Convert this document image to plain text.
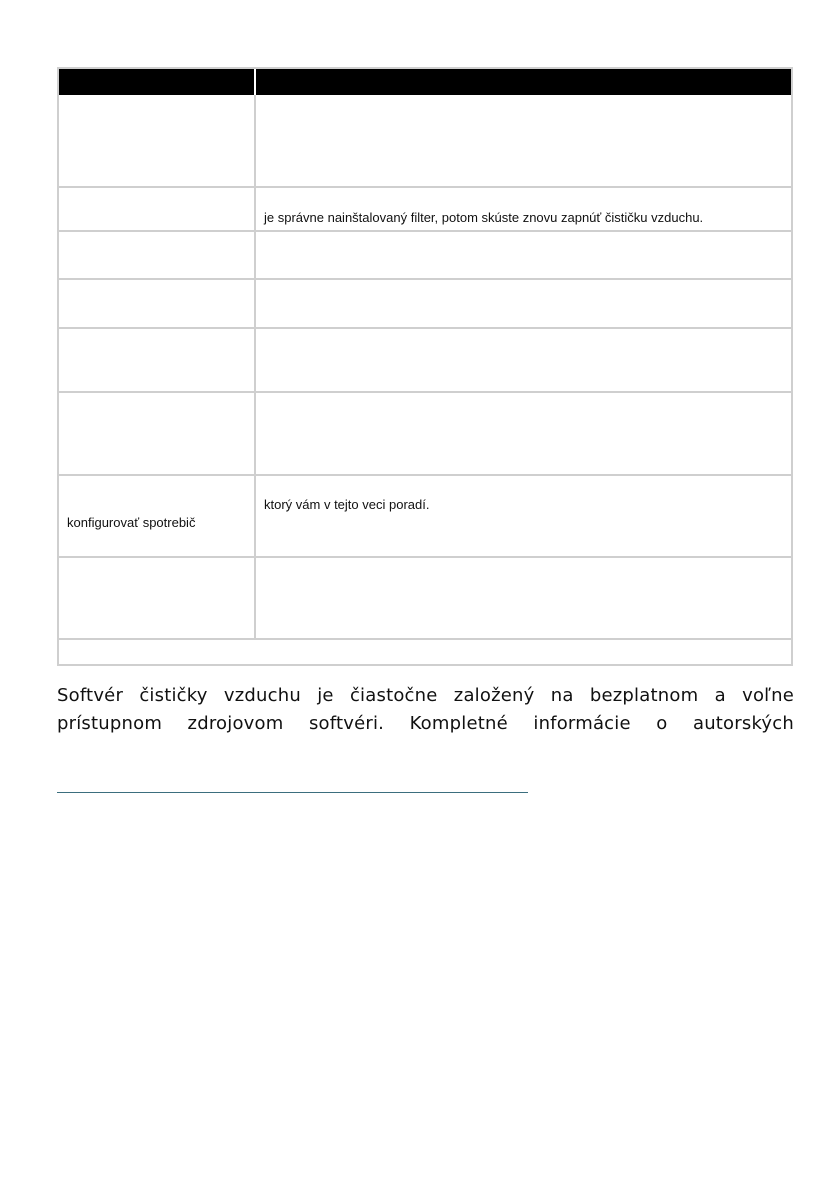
je správne nainštalovaný filter, potom skúste znovu zapnúť čističku vzduchu.
ktorý vám v tejto veci poradí.
konfigurovať spotrebič
Softvér čističky vzduchu je čiastočne založený na bezplatnom a voľne
prístupnom zdrojovom softvéri. Kompletné informácie o autorských
